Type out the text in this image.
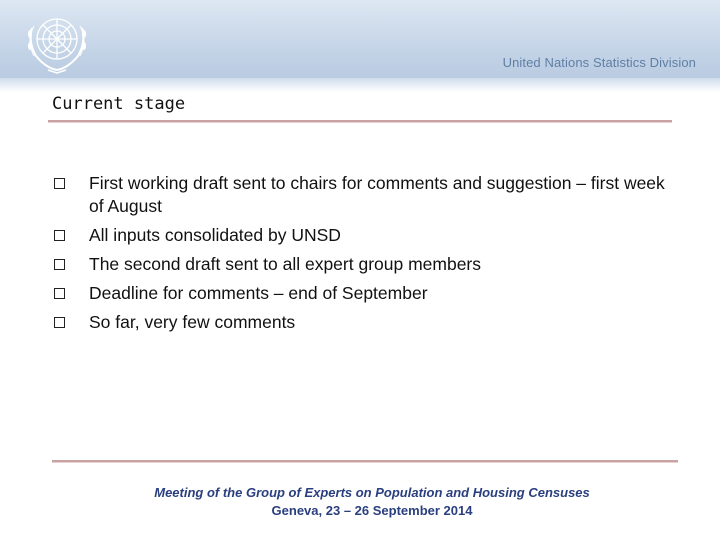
United Nations Statistics Division
Current stage
First working draft sent to chairs for comments and suggestion – first week of August
All inputs consolidated by UNSD
The second draft sent to all expert group members
Deadline for comments – end of September
So far, very few comments
Meeting of the Group of Experts on Population and Housing Censuses
Geneva, 23 – 26 September 2014
